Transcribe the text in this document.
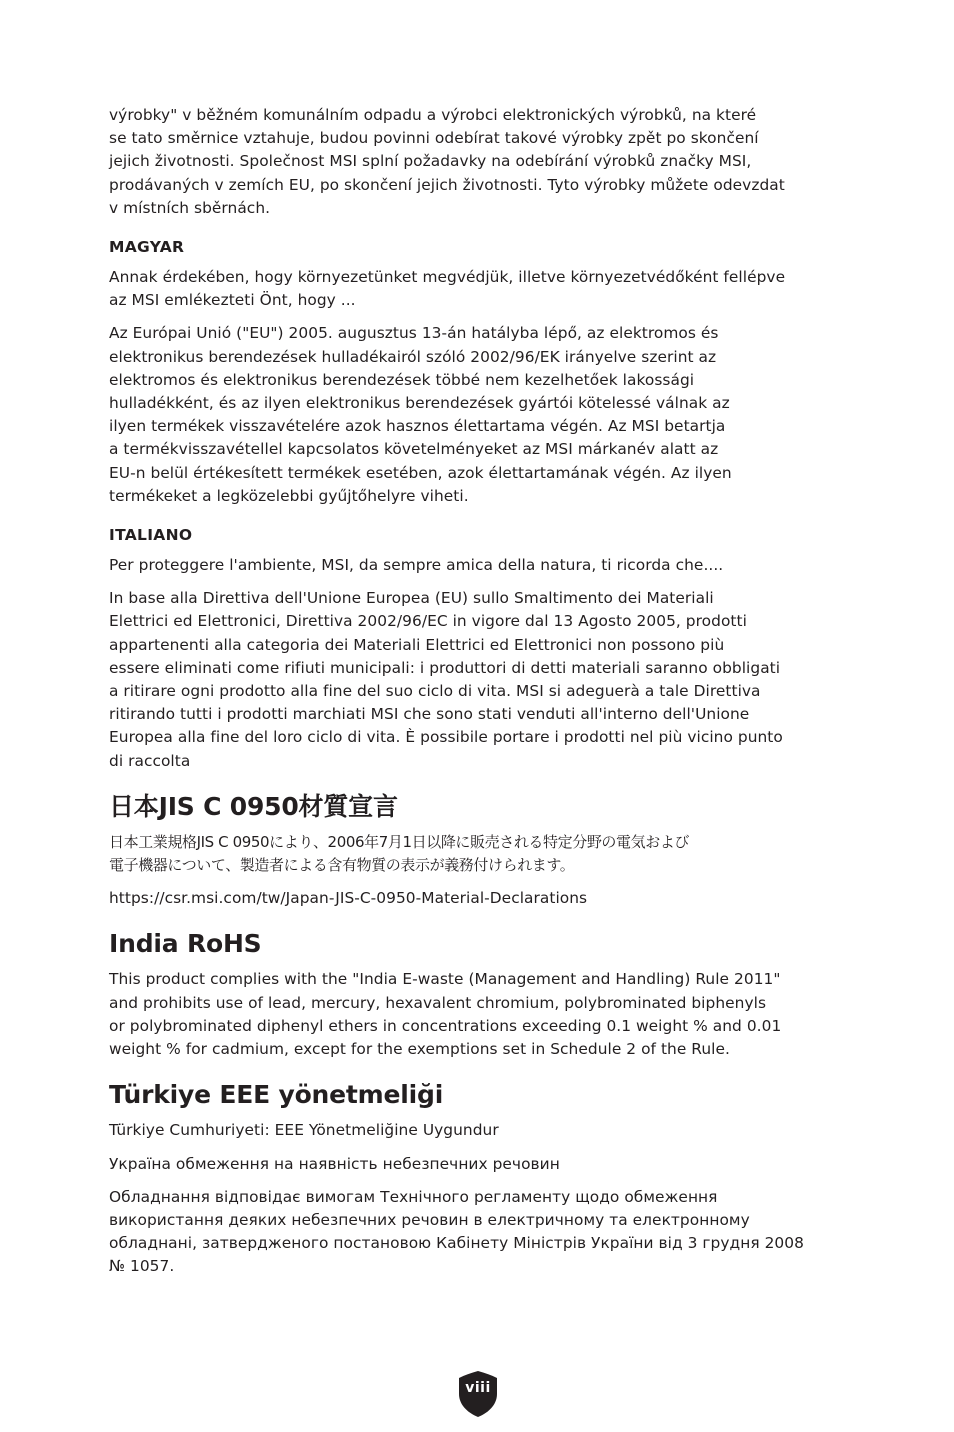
výrobky" v běžném komunálním odpadu a výrobci elektronických výrobků, na které
se tato směrnice vztahuje, budou povinni odebírat takové výrobky zpět po skončení
jejich životnosti. Společnost MSI splní požadavky na odebírání výrobků značky MSI,
prodávaných v zemích EU, po skončení jejich životnosti. Tyto výrobky můžete odevzdat
v místních sběrnách.

MAGYAR

Annak érdekében, hogy környezetünket megvédjük, illetve környezetvédőként fellépve
az MSI emlékezteti Önt, hogy ...

Az Európai Unió ("EU") 2005. augusztus 13-án hatályba lépő, az elektromos és
elektronikus berendezések hulladékairól szóló 2002/96/EK irányelve szerint az
elektromos és elektronikus berendezések többé nem kezelhetőek lakossági
hulladékként, és az ilyen elektronikus berendezések gyártói kötelessé válnak az
ilyen termékek visszavételére azok hasznos élettartama végén. Az MSI betartja
a termékvisszavétellel kapcsolatos követelményeket az MSI márkanév alatt az
EU-n belül értékesített termékek esetében, azok élettartamának végén. Az ilyen
termékeket a legközelebbi gyűjtőhelyre viheti.

ITALIANO

Per proteggere l'ambiente, MSI, da sempre amica della natura, ti ricorda che....

In base alla Direttiva dell'Unione Europea (EU) sullo Smaltimento dei Materiali
Elettrici ed Elettronici, Direttiva 2002/96/EC in vigore dal 13 Agosto 2005, prodotti
appartenenti alla categoria dei Materiali Elettrici ed Elettronici non possono più
essere eliminati come rifiuti municipali: i produttori di detti materiali saranno obbligati
a ritirare ogni prodotto alla fine del suo ciclo di vita. MSI si adeguerà a tale Direttiva
ritirando tutti i prodotti marchiati MSI che sono stati venduti all'interno dell'Unione
Europea alla fine del loro ciclo di vita. È possibile portare i prodotti nel più vicino punto
di raccolta

日本JIS C 0950材質宣言

日本工業規格JIS C 0950により、2006年7月1日以降に販売される特定分野の電気および
電子機器について、製造者による含有物質の表示が義務付けられます。

https://csr.msi.com/tw/Japan-JIS-C-0950-Material-Declarations

India RoHS

This product complies with the "India E-waste (Management and Handling) Rule 2011"
and prohibits use of lead, mercury, hexavalent chromium, polybrominated biphenyls
or polybrominated diphenyl ethers in concentrations exceeding 0.1 weight % and 0.01
weight % for cadmium, except for the exemptions set in Schedule 2 of the Rule.

Türkiye EEE yönetmeliği

Türkiye Cumhuriyeti: EEE Yönetmeliğine Uygundur

Україна обмеження на наявність небезпечних речовин

Обладнання відповідає вимогам Технічного регламенту щодо обмеження
використання деяких небезпечних речовин в електричному та електронному
обладнані, затвердженого постановою Кабінету Міністрів України від 3 грудня 2008
№ 1057.

viii
